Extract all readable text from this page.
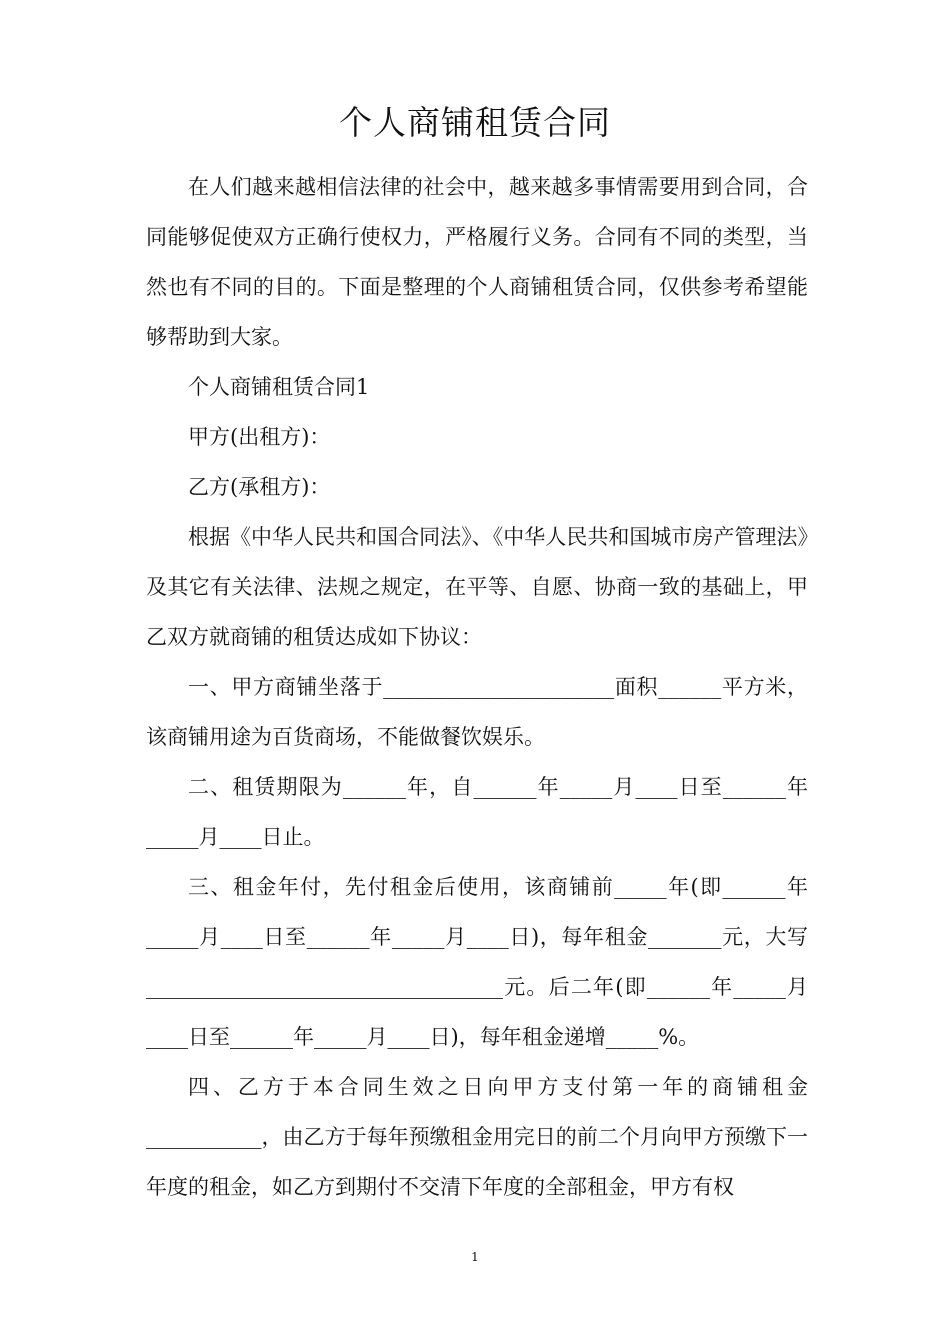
个人商铺租赁合同

在人们越来越相信法律的社会中，越来越多事情需要用到合同，合同能够促使双方正确行使权力，严格履行义务。合同有不同的类型，当然也有不同的目的。下面是整理的个人商铺租赁合同，仅供参考希望能够帮助到大家。

个人商铺租赁合同1

甲方(出租方)：

乙方(承租方)：

根据《中华人民共和国合同法》、《中华人民共和国城市房产管理法》及其它有关法律、法规之规定，在平等、自愿、协商一致的基础上，甲乙双方就商铺的租赁达成如下协议：

一、甲方商铺坐落于______________________面积______平方米，该商铺用途为百货商场，不能做餐饮娱乐。

二、租赁期限为______年，自______年_____月____日至______年_____月____日止。

三、租金年付，先付租金后使用，该商铺前_____年(即______年_____月____日至______年_____月____日)，每年租金_______元，大写__________________________________元。后二年(即______年_____月____日至______年_____月____日)，每年租金递增_____%。

四、乙方于本合同生效之日向甲方支付第一年的商铺租金___________，由乙方于每年预缴租金用完日的前二个月向甲方预缴下一年度的租金，如乙方到期付不交清下年度的全部租金，甲方有权

1
